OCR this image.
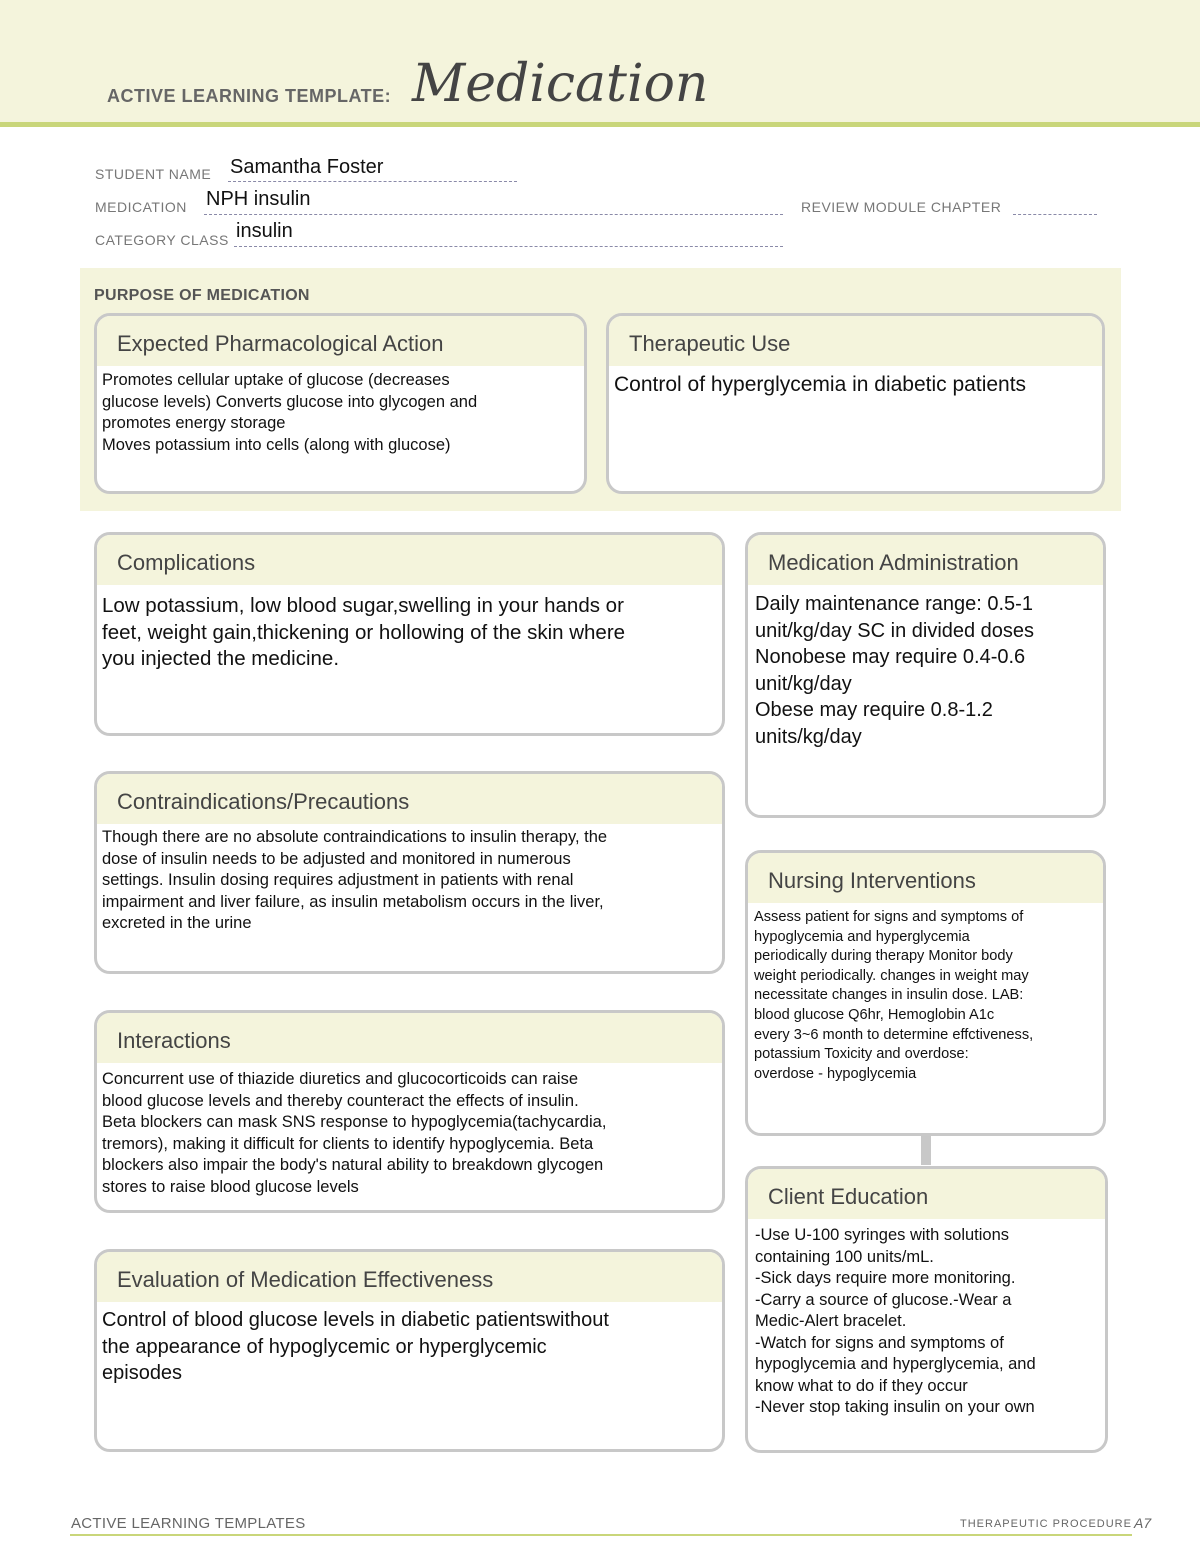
ACTIVE LEARNING TEMPLATE: Medication
STUDENT NAME Samantha Foster
MEDICATION NPH insulin	REVIEW MODULE CHAPTER
CATEGORY CLASS insulin
PURPOSE OF MEDICATION
Expected Pharmacological Action
Promotes cellular uptake of glucose (decreases
glucose levels) Converts glucose into glycogen and
promotes energy storage
Moves potassium into cells (along with glucose)
Therapeutic Use
Control of hyperglycemia in diabetic patients
Complications
Low potassium, low blood sugar,swelling in your hands or
feet, weight gain,thickening or hollowing of the skin where
you injected the medicine.
Contraindications/Precautions
Though there are no absolute contraindications to insulin therapy, the
dose of insulin needs to be adjusted and monitored in numerous
settings. Insulin dosing requires adjustment in patients with renal
impairment and liver failure, as insulin metabolism occurs in the liver,
excreted in the urine
Interactions
Concurrent use of thiazide diuretics and glucocorticoids can raise
blood glucose levels and thereby counteract the effects of insulin.
Beta blockers can mask SNS response to hypoglycemia(tachycardia,
tremors), making it difficult for clients to identify hypoglycemia. Beta
blockers also impair the body's natural ability to breakdown glycogen
stores to raise blood glucose levels
Evaluation of Medication Effectiveness
Control of blood glucose levels in diabetic patientswithout
the appearance of hypoglycemic or hyperglycemic
episodes
Medication Administration
Daily maintenance range: 0.5-1
unit/kg/day SC in divided doses
Nonobese may require 0.4-0.6
unit/kg/day
Obese may require 0.8-1.2
units/kg/day
Nursing Interventions
Assess patient for signs and symptoms of
hypoglycemia and hyperglycemia
periodically during therapy Monitor body
weight periodically. changes in weight may
necessitate changes in insulin dose. LAB:
blood glucose Q6hr, Hemoglobin A1c
every 3~6 month to determine effctiveness,
potassium Toxicity and overdose:
overdose - hypoglycemia
Client Education
-Use U-100 syringes with solutions
containing 100 units/mL.
-Sick days require more monitoring.
-Carry a source of glucose.-Wear a
Medic-Alert bracelet.
-Watch for signs and symptoms of
hypoglycemia and hyperglycemia, and
know what to do if they occur
-Never stop taking insulin on your own
ACTIVE LEARNING TEMPLATES	THERAPEUTIC PROCEDURE A7
